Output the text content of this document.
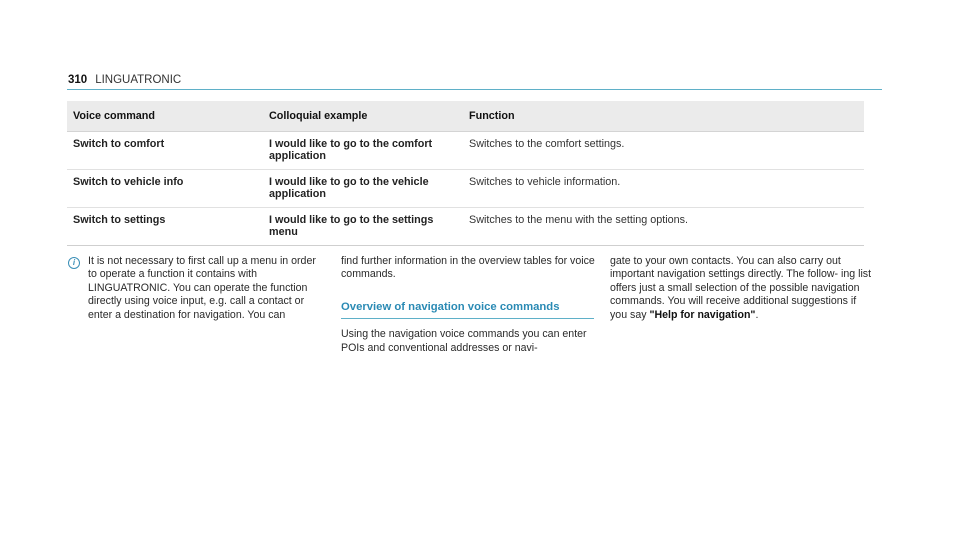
310 LINGUATRONIC
Voice command	Colloquial example	Function
Switch to comfort	I would like to go to the comfort application	Switches to the comfort settings.
Switch to vehicle info	I would like to go to the vehicle application	Switches to vehicle information.
Switch to settings	I would like to go to the settings menu	Switches to the menu with the setting options.
i	It is not necessary to first call up a menu in order to operate a function it contains with LINGUATRONIC. You can operate the function directly using voice input, e.g. call a contact or enter a destination for navigation. You can

find further information in the overview tables for voice commands.

Overview of navigation voice commands

Using the navigation voice commands you can enter POIs and conventional addresses or navi-

gate to your own contacts. You can also carry out important navigation settings directly. The follow- ing list offers just a small selection of the possible navigation commands. You will receive additional suggestions if you say "Help for navigation".
